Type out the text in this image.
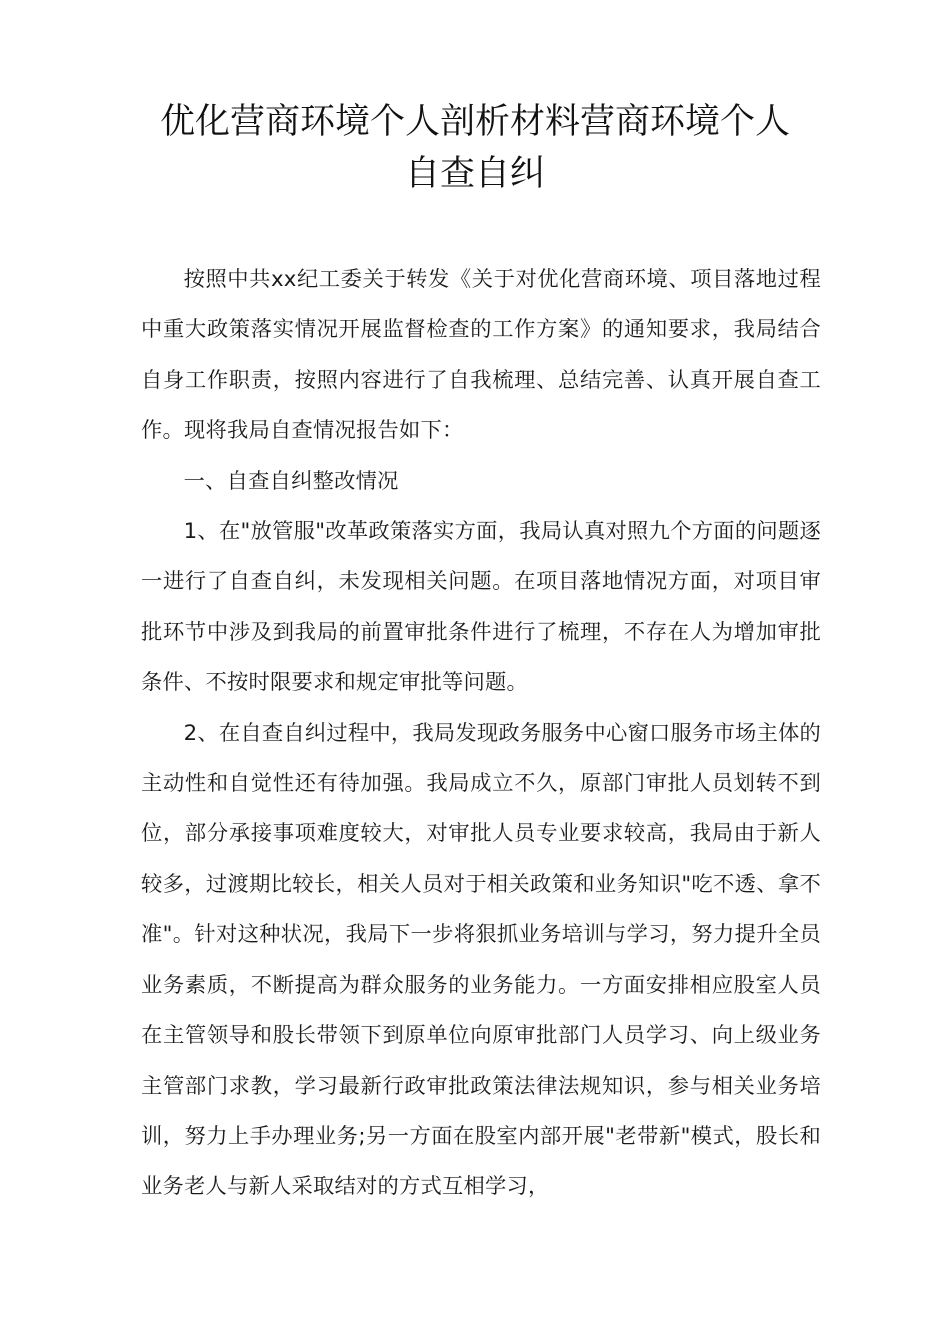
优化营商环境个人剖析材料营商环境个人
自查自纠

按照中共xx纪工委关于转发《关于对优化营商环境、项目落地过程中重大政策落实情况开展监督检查的工作方案》的通知要求，我局结合自身工作职责，按照内容进行了自我梳理、总结完善、认真开展自查工作。现将我局自查情况报告如下：

一、自查自纠整改情况

1、在"放管服"改革政策落实方面，我局认真对照九个方面的问题逐一进行了自查自纠，未发现相关问题。在项目落地情况方面，对项目审批环节中涉及到我局的前置审批条件进行了梳理，不存在人为增加审批条件、不按时限要求和规定审批等问题。

2、在自查自纠过程中，我局发现政务服务中心窗口服务市场主体的主动性和自觉性还有待加强。我局成立不久，原部门审批人员划转不到位，部分承接事项难度较大，对审批人员专业要求较高，我局由于新人较多，过渡期比较长，相关人员对于相关政策和业务知识"吃不透、拿不准"。针对这种状况，我局下一步将狠抓业务培训与学习，努力提升全员业务素质，不断提高为群众服务的业务能力。一方面安排相应股室人员在主管领导和股长带领下到原单位向原审批部门人员学习、向上级业务主管部门求教，学习最新行政审批政策法律法规知识，参与相关业务培训，努力上手办理业务;另一方面在股室内部开展"老带新"模式，股长和业务老人与新人采取结对的方式互相学习，
